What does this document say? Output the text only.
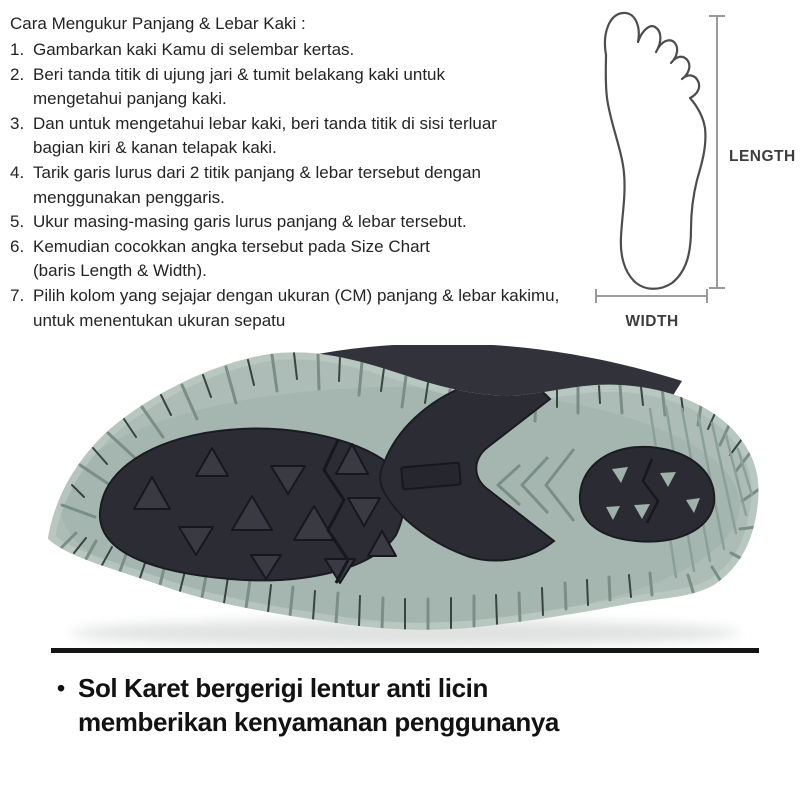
Cara Mengukur Panjang & Lebar Kaki :
1. Gambarkan kaki Kamu di selembar kertas.
2. Beri tanda titik di ujung jari & tumit belakang kaki untuk
mengetahui panjang kaki.
3. Dan untuk mengetahui lebar kaki, beri tanda titik di sisi terluar
bagian kiri & kanan telapak kaki.
4. Tarik garis lurus dari 2 titik panjang & lebar tersebut dengan
menggunakan penggaris.
5. Ukur masing-masing garis lurus panjang & lebar tersebut.
6. Kemudian cocokkan angka tersebut pada Size Chart
(baris Length & Width).
7. Pilih kolom yang sejajar dengan ukuran (CM) panjang & lebar kakimu,
untuk menentukan ukuran sepatu
LENGTH
WIDTH
• Sol Karet bergerigi lentur anti licin
memberikan kenyamanan penggunanya
